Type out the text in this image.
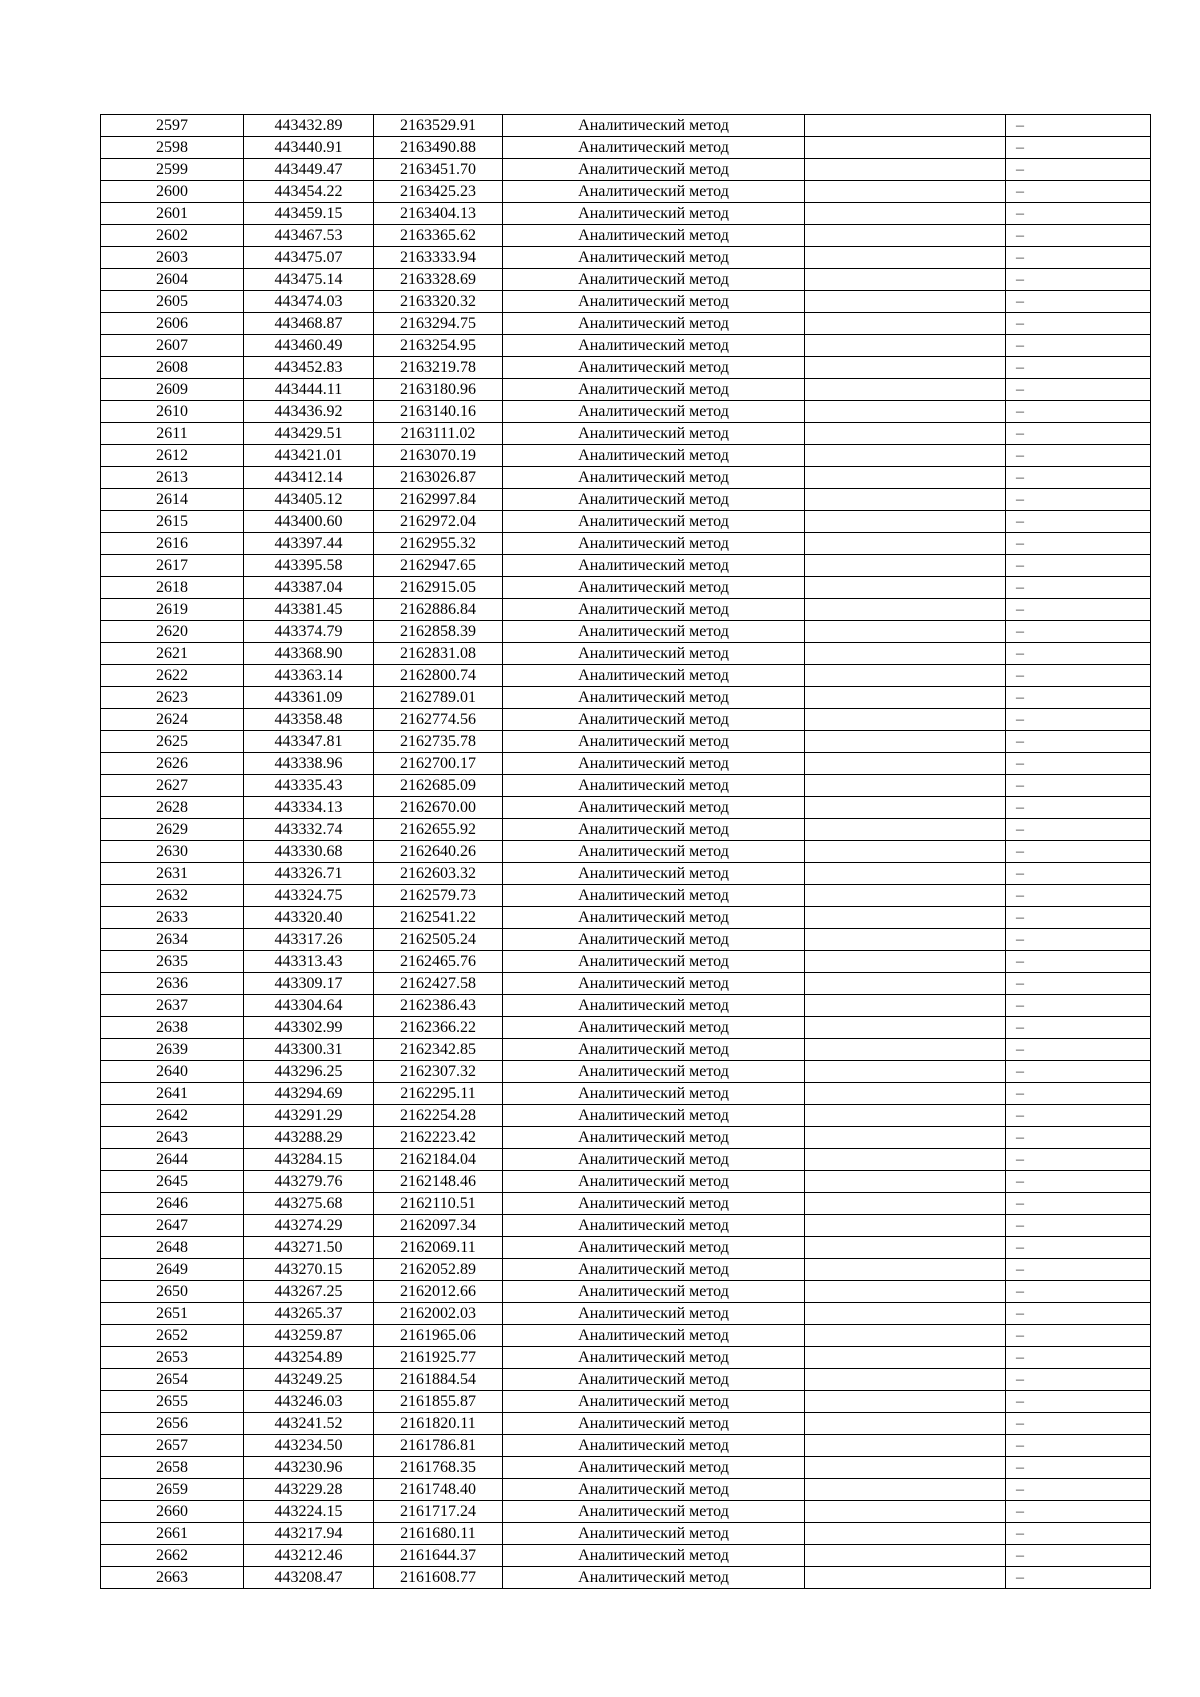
2597	443432.89	2163529.91	Аналитический метод		–
2598	443440.91	2163490.88	Аналитический метод		–
2599	443449.47	2163451.70	Аналитический метод		–
2600	443454.22	2163425.23	Аналитический метод		–
2601	443459.15	2163404.13	Аналитический метод		–
2602	443467.53	2163365.62	Аналитический метод		–
2603	443475.07	2163333.94	Аналитический метод		–
2604	443475.14	2163328.69	Аналитический метод		–
2605	443474.03	2163320.32	Аналитический метод		–
2606	443468.87	2163294.75	Аналитический метод		–
2607	443460.49	2163254.95	Аналитический метод		–
2608	443452.83	2163219.78	Аналитический метод		–
2609	443444.11	2163180.96	Аналитический метод		–
2610	443436.92	2163140.16	Аналитический метод		–
2611	443429.51	2163111.02	Аналитический метод		–
2612	443421.01	2163070.19	Аналитический метод		–
2613	443412.14	2163026.87	Аналитический метод		–
2614	443405.12	2162997.84	Аналитический метод		–
2615	443400.60	2162972.04	Аналитический метод		–
2616	443397.44	2162955.32	Аналитический метод		–
2617	443395.58	2162947.65	Аналитический метод		–
2618	443387.04	2162915.05	Аналитический метод		–
2619	443381.45	2162886.84	Аналитический метод		–
2620	443374.79	2162858.39	Аналитический метод		–
2621	443368.90	2162831.08	Аналитический метод		–
2622	443363.14	2162800.74	Аналитический метод		–
2623	443361.09	2162789.01	Аналитический метод		–
2624	443358.48	2162774.56	Аналитический метод		–
2625	443347.81	2162735.78	Аналитический метод		–
2626	443338.96	2162700.17	Аналитический метод		–
2627	443335.43	2162685.09	Аналитический метод		–
2628	443334.13	2162670.00	Аналитический метод		–
2629	443332.74	2162655.92	Аналитический метод		–
2630	443330.68	2162640.26	Аналитический метод		–
2631	443326.71	2162603.32	Аналитический метод		–
2632	443324.75	2162579.73	Аналитический метод		–
2633	443320.40	2162541.22	Аналитический метод		–
2634	443317.26	2162505.24	Аналитический метод		–
2635	443313.43	2162465.76	Аналитический метод		–
2636	443309.17	2162427.58	Аналитический метод		–
2637	443304.64	2162386.43	Аналитический метод		–
2638	443302.99	2162366.22	Аналитический метод		–
2639	443300.31	2162342.85	Аналитический метод		–
2640	443296.25	2162307.32	Аналитический метод		–
2641	443294.69	2162295.11	Аналитический метод		–
2642	443291.29	2162254.28	Аналитический метод		–
2643	443288.29	2162223.42	Аналитический метод		–
2644	443284.15	2162184.04	Аналитический метод		–
2645	443279.76	2162148.46	Аналитический метод		–
2646	443275.68	2162110.51	Аналитический метод		–
2647	443274.29	2162097.34	Аналитический метод		–
2648	443271.50	2162069.11	Аналитический метод		–
2649	443270.15	2162052.89	Аналитический метод		–
2650	443267.25	2162012.66	Аналитический метод		–
2651	443265.37	2162002.03	Аналитический метод		–
2652	443259.87	2161965.06	Аналитический метод		–
2653	443254.89	2161925.77	Аналитический метод		–
2654	443249.25	2161884.54	Аналитический метод		–
2655	443246.03	2161855.87	Аналитический метод		–
2656	443241.52	2161820.11	Аналитический метод		–
2657	443234.50	2161786.81	Аналитический метод		–
2658	443230.96	2161768.35	Аналитический метод		–
2659	443229.28	2161748.40	Аналитический метод		–
2660	443224.15	2161717.24	Аналитический метод		–
2661	443217.94	2161680.11	Аналитический метод		–
2662	443212.46	2161644.37	Аналитический метод		–
2663	443208.47	2161608.77	Аналитический метод		–
